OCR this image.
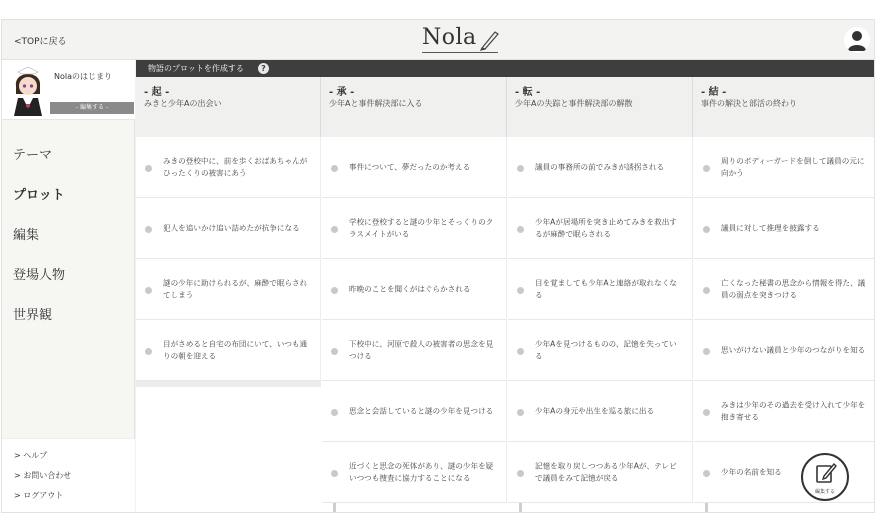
<TOPに戻る	Nola
Nolaのはじまり
- 編集する -
テーマ
プロット
編集
登場人物
世界観
> ヘルプ
> お問い合わせ
> ログアウト
物語のプロットを作成する	?
- 起 -
みきと少年Aの出会い
- 承 -
少年Aと事件解決部に入る
- 転 -
少年Aの失踪と事件解決部の解散
- 結 -
事件の解決と部活の終わり
みきの登校中に、前を歩くおばあちゃんがひったくりの被害にあう
犯人を追いかけ追い詰めたが抗争になる
謎の少年に助けられるが、麻酔で眠らされてしまう
目がさめると自宅の布団にいて、いつも通りの朝を迎える
事件について、夢だったのか考える
学校に登校すると謎の少年とそっくりのクラスメイトがいる
昨晩のことを聞くがはぐらかされる
下校中に、河原で殺人の被害者の思念を見つける
思念と会話していると謎の少年を見つける
近づくと思念の死体があり、謎の少年を疑いつつも捜査に協力することになる
議員の事務所の前でみきが誘拐される
少年Aが居場所を突き止めてみきを救出するが麻酔で眠らされる
目を覚ましても少年Aと連絡が取れなくなる
少年Aを見つけるものの、記憶を失っている
少年Aの身元や出生を巡る旅に出る
記憶を取り戻しつつある少年Aが、テレビで議員をみて記憶が戻る
周りのボディーガードを倒して議員の元に向かう
議員に対して推理を披露する
亡くなった秘書の思念から情報を得た、議員の弱点を突きつける
思いがけない議員と少年のつながりを知る
みきは少年のその過去を受け入れて少年を抱き寄せる
少年の名前を知る
編集する
